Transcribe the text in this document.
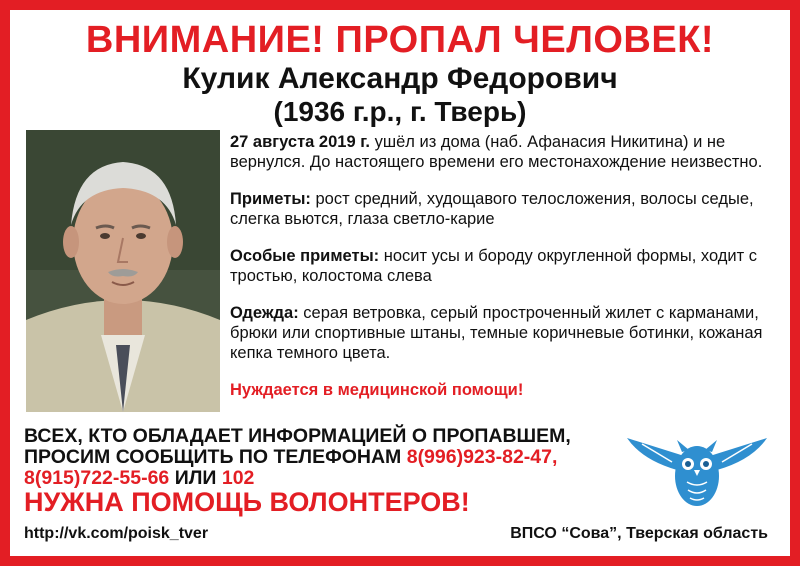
ВНИМАНИЕ! ПРОПАЛ ЧЕЛОВЕК!
Кулик Александр Федорович
(1936 г.р., г. Тверь)

27 августа 2019 г. ушёл из дома (наб. Афанасия Никитина) и не вернулся. До настоящего времени его местонахождение неизвестно.

Приметы: рост средний, худощавого телосложения, волосы седые, слегка вьются, глаза светло-карие

Особые приметы: носит усы и бороду округленной формы, ходит с тростью, колостома слева

Одежда: серая ветровка, серый простроченный жилет с карманами, брюки или спортивные штаны, темные коричневые ботинки, кожаная кепка темного цвета.

Нуждается в медицинской помощи!

ВСЕХ, КТО ОБЛАДАЕТ ИНФОРМАЦИЕЙ О ПРОПАВШЕМ,
ПРОСИМ СООБЩИТЬ ПО ТЕЛЕФОНАМ 8(996)923-82-47,
8(915)722-55-66 ИЛИ 102
НУЖНА ПОМОЩЬ ВОЛОНТЕРОВ!
http://vk.com/poisk_tver	ВПСО “Сова”, Тверская область
